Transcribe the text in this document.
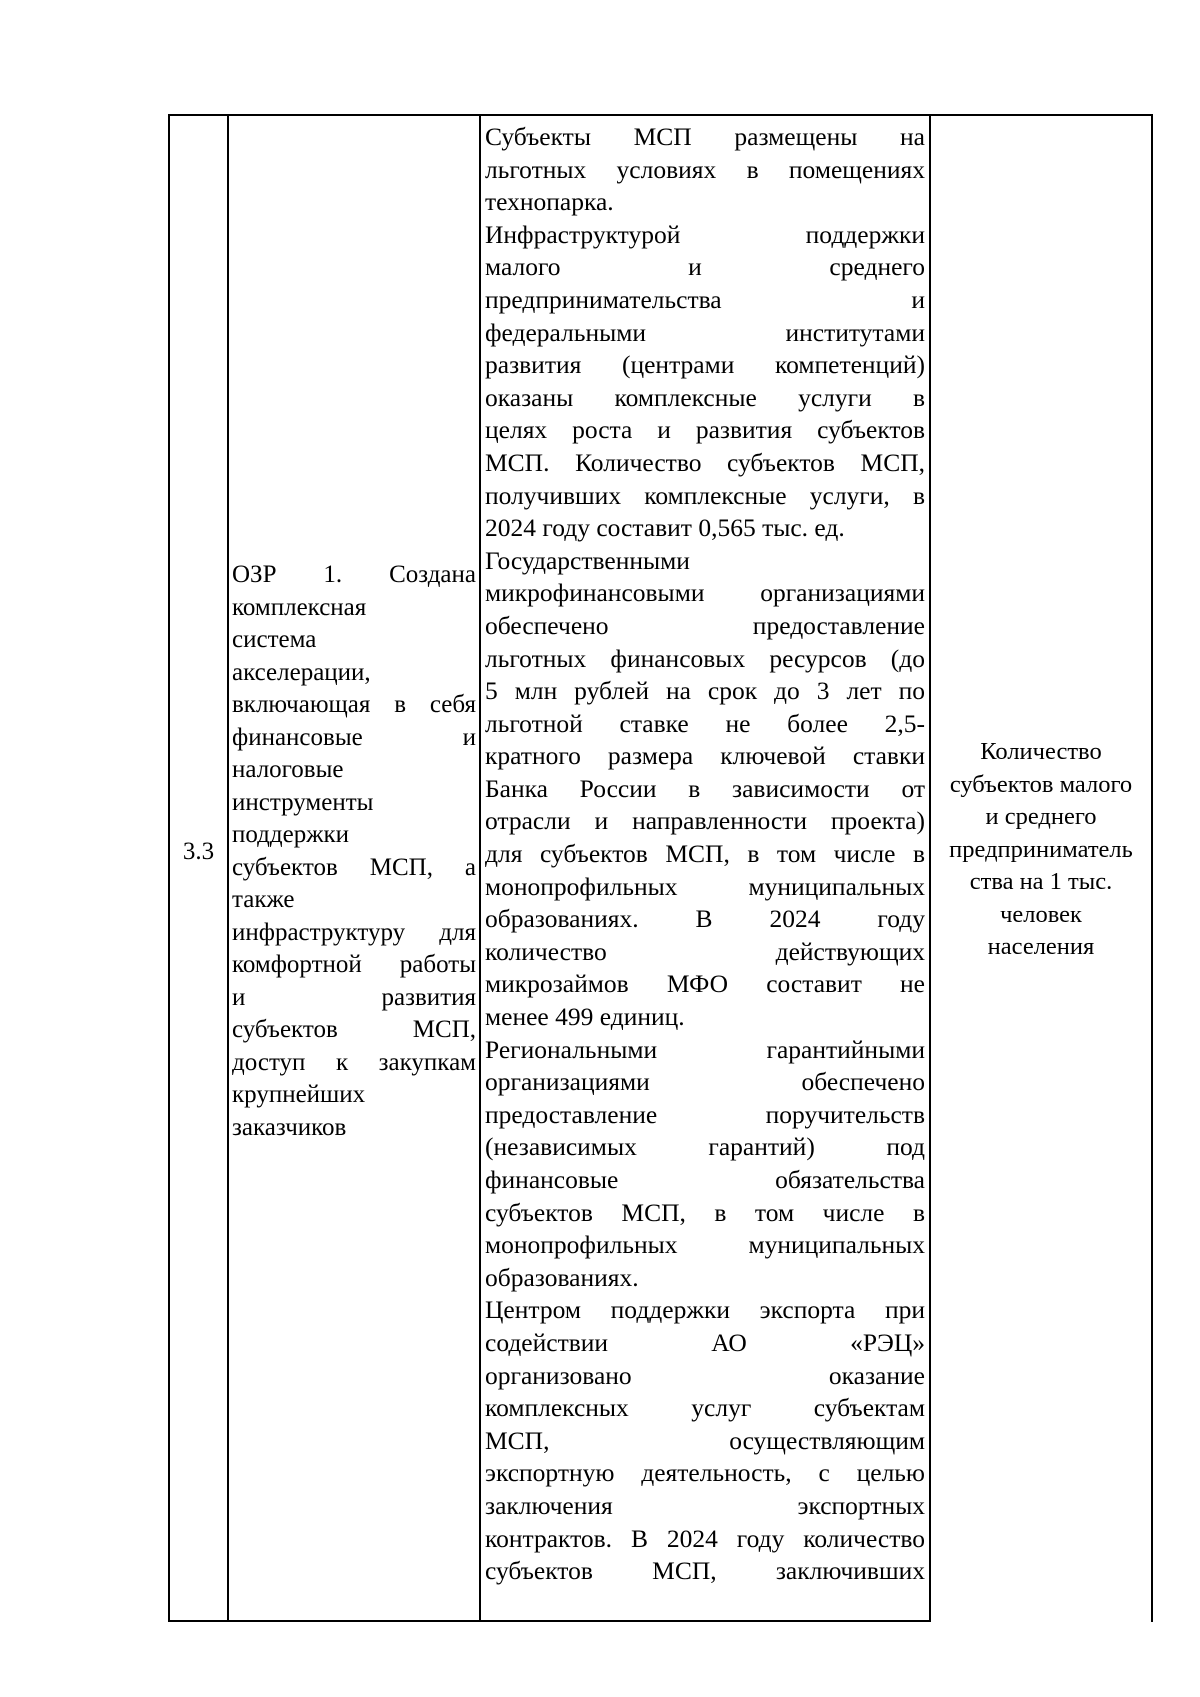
3.3
ОЗР 1. Создана
комплексная
система
акселерации,
включающая в себя
финансовые и
налоговые
инструменты
поддержки
субъектов МСП, а
также
инфраструктуру для
комфортной работы
и развития
субъектов МСП,
доступ к закупкам
крупнейших
заказчиков
Субъекты МСП размещены на
льготных условиях в помещениях
технопарка.
Инфраструктурой поддержки
малого и среднего
предпринимательства и
федеральными институтами
развития (центрами компетенций)
оказаны комплексные услуги в
целях роста и развития субъектов
МСП. Количество субъектов МСП,
получивших комплексные услуги, в
2024 году составит 0,565 тыс. ед.
Государственными
микрофинансовыми организациями
обеспечено предоставление
льготных финансовых ресурсов (до
5 млн рублей на срок до 3 лет по
льготной ставке не более 2,5-
кратного размера ключевой ставки
Банка России в зависимости от
отрасли и направленности проекта)
для субъектов МСП, в том числе в
монопрофильных муниципальных
образованиях. В 2024 году
количество действующих
микрозаймов МФО составит не
менее 499 единиц.
Региональными гарантийными
организациями обеспечено
предоставление поручительств
(независимых гарантий) под
финансовые обязательства
субъектов МСП, в том числе в
монопрофильных муниципальных
образованиях.
Центром поддержки экспорта при
содействии АО «РЭЦ»
организовано оказание
комплексных услуг субъектам
МСП, осуществляющим
экспортную деятельность, с целью
заключения экспортных
контрактов. В 2024 году количество
субъектов МСП, заключивших
Количество
субъектов малого
и среднего
предприниматель
ства на 1 тыс.
человек
населения
